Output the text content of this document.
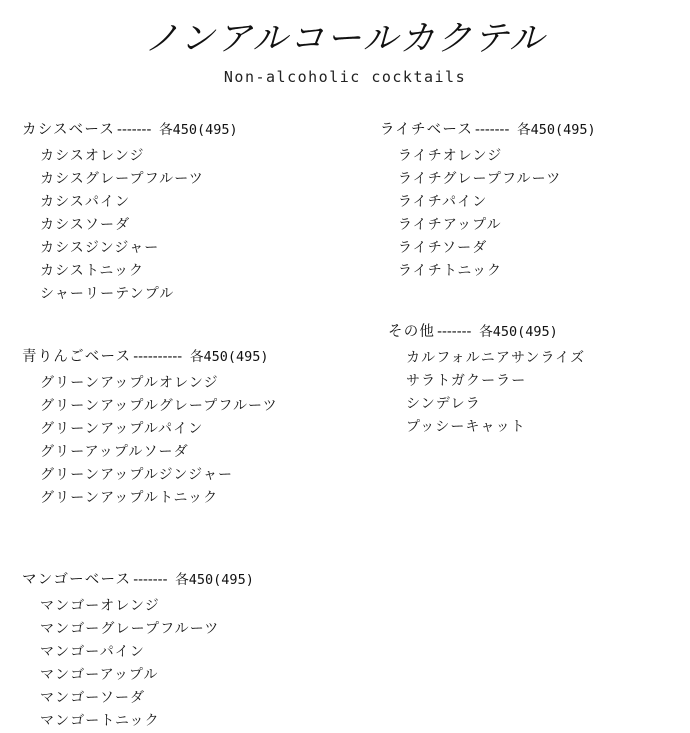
ノンアルコールカクテル
Non-alcoholic cocktails
カシスベース ------- 各450(495)
カシスオレンジ
カシスグレープフルーツ
カシスパイン
カシスソーダ
カシスジンジャー
カシストニック
シャーリーテンプル
青りんごベース ---------- 各450(495)
グリーンアップルオレンジ
グリーンアップルグレープフルーツ
グリーンアップルパイン
グリーアップルソーダ
グリーンアップルジンジャー
グリーンアップルトニック
マンゴーベース ------- 各450(495)
マンゴーオレンジ
マンゴーグレープフルーツ
マンゴーパイン
マンゴーアップル
マンゴーソーダ
マンゴートニック
ライチベース ------- 各450(495)
ライチオレンジ
ライチグレープフルーツ
ライチパイン
ライチアップル
ライチソーダ
ライチトニック
その他 ------- 各450(495)
カルフォルニアサンライズ
サラトガクーラー
シンデレラ
プッシーキャット
